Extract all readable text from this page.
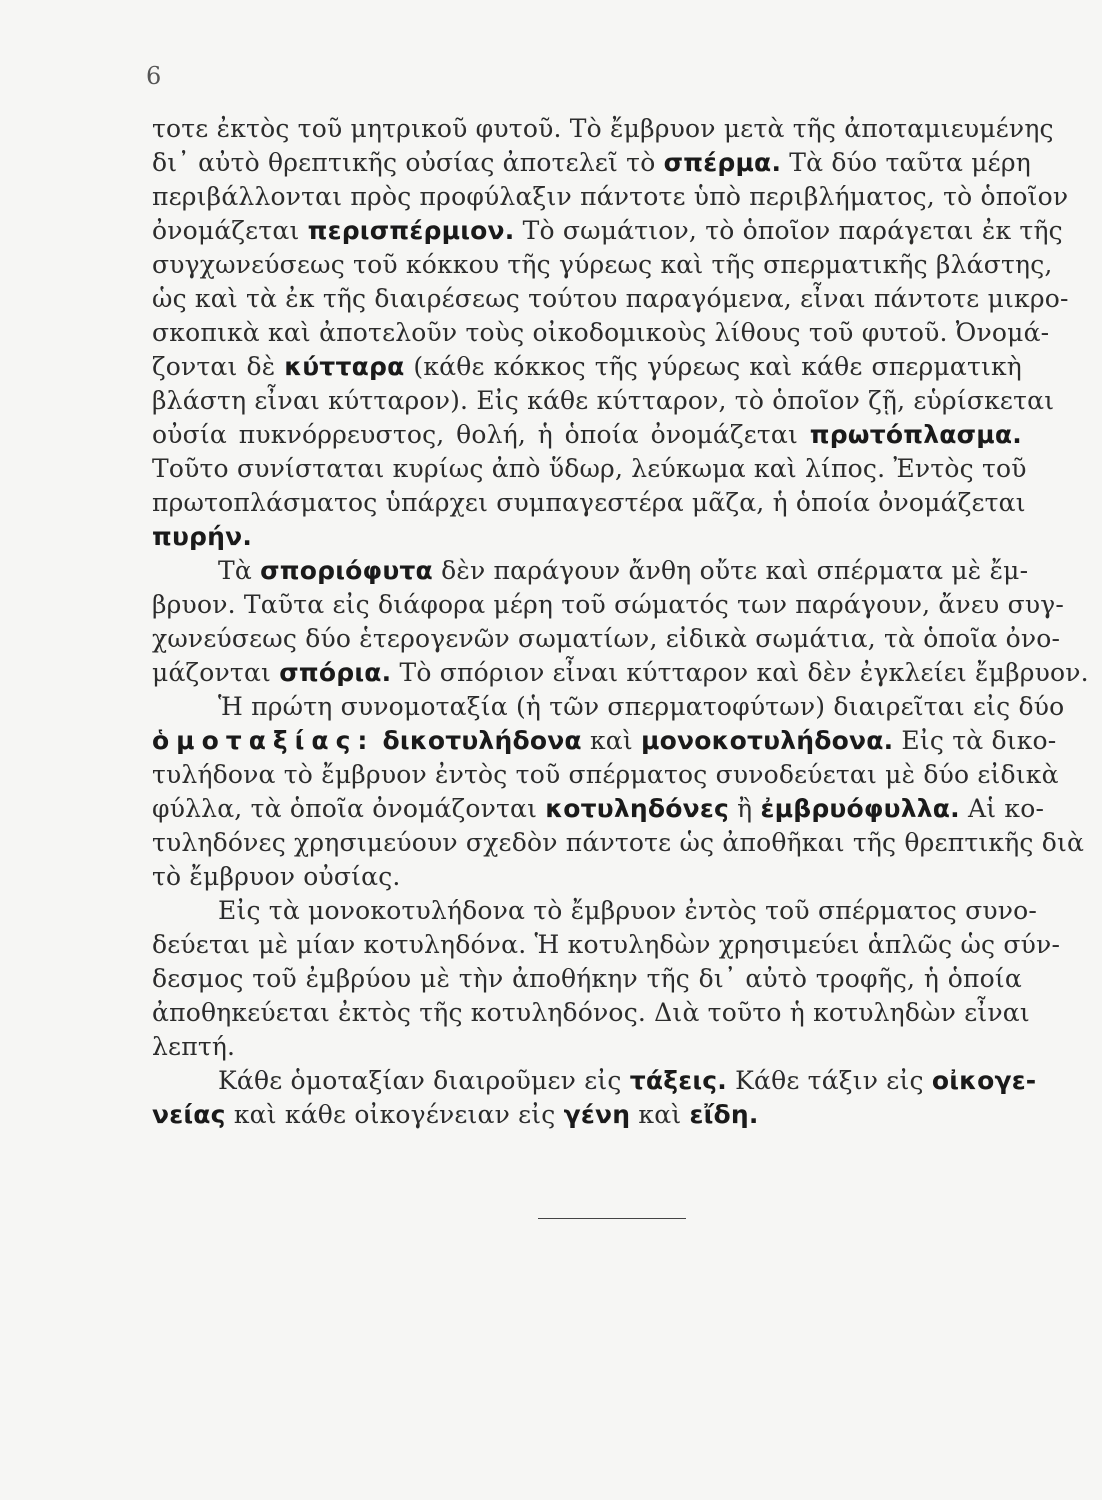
6
τοτε ἐκτὸς τοῦ μητρικοῦ φυτοῦ. Τὸ ἔμβρυον μετὰ τῆς ἀποταμιευμένης
δι᾿ αὐτὸ θρεπτικῆς οὐσίας ἀποτελεῖ τὸ σπέρμα. Τὰ δύο ταῦτα μέρη
περιβάλλονται πρὸς προφύλαξιν πάντοτε ὑπὸ περιβλήματος, τὸ ὁποῖον
ὀνομάζεται περισπέρμιον. Τὸ σωμάτιον, τὸ ὁποῖον παράγεται ἐκ τῆς
συγχωνεύσεως τοῦ κόκκου τῆς γύρεως καὶ τῆς σπερματικῆς βλάστης,
ὡς καὶ τὰ ἐκ τῆς διαιρέσεως τούτου παραγόμενα, εἶναι πάντοτε μικρο-
σκοπικὰ καὶ ἀποτελοῦν τοὺς οἰκοδομικοὺς λίθους τοῦ φυτοῦ. Ὀνομά-
ζονται δὲ κύτταρα (κάθε κόκκος τῆς γύρεως καὶ κάθε σπερματικὴ
βλάστη εἶναι κύτταρον). Εἰς κάθε κύτταρον, τὸ ὁποῖον ζῇ, εὑρίσκεται
οὐσία πυκνόρρευστος, θολή, ἡ ὁποία ὀνομάζεται πρωτόπλασμα.
Τοῦτο συνίσταται κυρίως ἀπὸ ὕδωρ, λεύκωμα καὶ λίπος. Ἐντὸς τοῦ
πρωτοπλάσματος ὑπάρχει συμπαγεστέρα μᾶζα, ἡ ὁποία ὀνομάζεται
πυρήν.
Τὰ σποριόφυτα δὲν παράγουν ἄνθη οὔτε καὶ σπέρματα μὲ ἔμ-
βρυον. Ταῦτα εἰς διάφορα μέρη τοῦ σώματός των παράγουν, ἄνευ συγ-
χωνεύσεως δύο ἑτερογενῶν σωματίων, εἰδικὰ σωμάτια, τὰ ὁποῖα ὀνο-
μάζονται σπόρια. Τὸ σπόριον εἶναι κύτταρον καὶ δὲν ἐγκλείει ἔμβρυον.
Ἡ πρώτη συνομοταξία (ἡ τῶν σπερματοφύτων) διαιρεῖται εἰς δύο
ὁμοταξίας: δικοτυλήδονα καὶ μονοκοτυλήδονα. Εἰς τὰ δικο-
τυλήδονα τὸ ἔμβρυον ἐντὸς τοῦ σπέρματος συνοδεύεται μὲ δύο εἰδικὰ
φύλλα, τὰ ὁποῖα ὀνομάζονται κοτυληδόνες ἢ ἐμβρυόφυλλα. Αἱ κο-
τυληδόνες χρησιμεύουν σχεδὸν πάντοτε ὡς ἀποθῆκαι τῆς θρεπτικῆς διὰ
τὸ ἔμβρυον οὐσίας.
Εἰς τὰ μονοκοτυλήδονα τὸ ἔμβρυον ἐντὸς τοῦ σπέρματος συνο-
δεύεται μὲ μίαν κοτυληδόνα. Ἡ κοτυληδὼν χρησιμεύει ἁπλῶς ὡς σύν-
δεσμος τοῦ ἐμβρύου μὲ τὴν ἀποθήκην τῆς δι᾿ αὐτὸ τροφῆς, ἡ ὁποία
ἀποθηκεύεται ἐκτὸς τῆς κοτυληδόνος. Διὰ τοῦτο ἡ κοτυληδὼν εἶναι
λεπτή.
Κάθε ὁμοταξίαν διαιροῦμεν εἰς τάξεις. Κάθε τάξιν εἰς οἰκογε-
νείας καὶ κάθε οἰκογένειαν εἰς γένη καὶ εἴδη.
